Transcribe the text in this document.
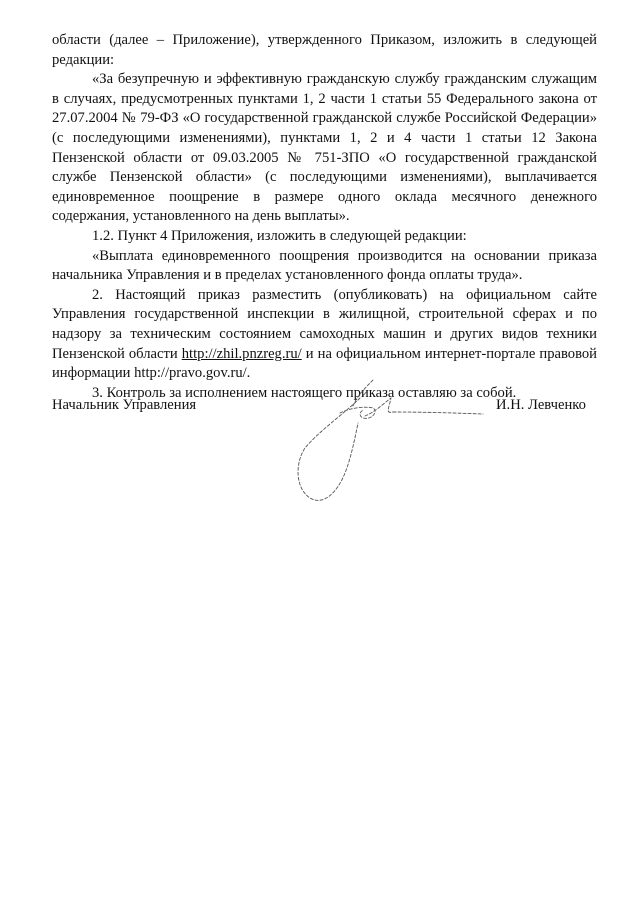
области (далее – Приложение), утвержденного Приказом, изложить в следующей редакции:

«За безупречную и эффективную гражданскую службу гражданским служащим в случаях, предусмотренных пунктами 1, 2 части 1 статьи 55 Федерального закона от 27.07.2004 № 79-ФЗ «О государственной гражданской службе Российской Федерации» (с последующими изменениями), пунктами 1, 2 и 4 части 1 статьи 12 Закона Пензенской области от 09.03.2005 № 751-ЗПО «О государственной гражданской службе Пензенской области» (с последующими изменениями), выплачивается единовременное поощрение в размере одного оклада месячного денежного содержания, установленного на день выплаты».

1.2. Пункт 4 Приложения, изложить в следующей редакции:

«Выплата единовременного поощрения производится на основании приказа начальника Управления и в пределах установленного фонда оплаты труда».

2. Настоящий приказ разместить (опубликовать) на официальном сайте Управления государственной инспекции в жилищной, строительной сферах и по надзору за техническим состоянием самоходных машин и других видов техники Пензенской области http://zhil.pnzreg.ru/ и на официальном интернет-портале правовой информации http://pravo.gov.ru/.

3. Контроль за исполнением настоящего приказа оставляю за собой.

Начальник Управления	И.Н. Левченко
